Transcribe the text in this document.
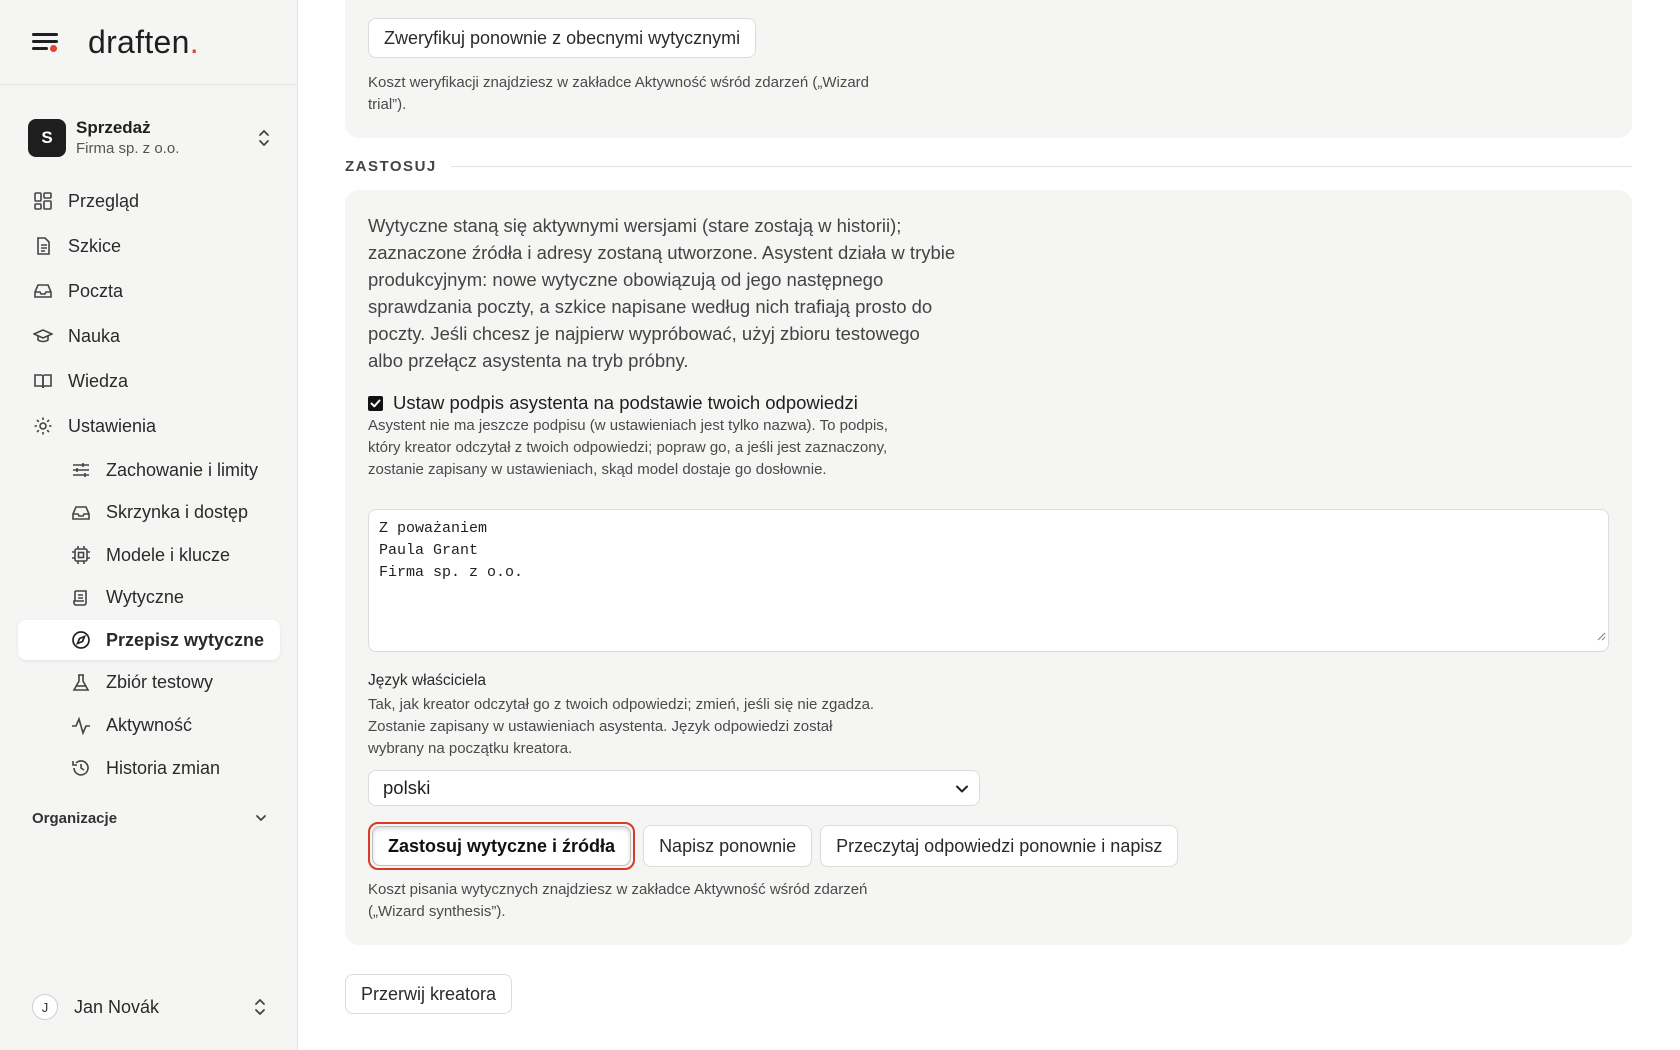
draften.
S
Sprzedaż
Firma sp. z o.o.
Przegląd
Szkice
Poczta
Nauka
Wiedza
Ustawienia
Zachowanie i limity
Skrzynka i dostęp
Modele i klucze
Wytyczne
Przepisz wytyczne
Zbiór testowy
Aktywność
Historia zmian
Organizacje
J	Jan Novák
Zweryfikuj ponownie z obecnymi wytycznymi

Koszt weryfikacji znajdziesz w zakładce Aktywność wśród zdarzeń („Wizard trial”).

ZASTOSUJ

Wytyczne staną się aktywnymi wersjami (stare zostają w historii); zaznaczone źródła i adresy zostaną utworzone. Asystent działa w trybie produkcyjnym: nowe wytyczne obowiązują od jego następnego sprawdzania poczty, a szkice napisane według nich trafiają prosto do poczty. Jeśli chcesz je najpierw wypróbować, użyj zbioru testowego albo przełącz asystenta na tryb próbny.

Ustaw podpis asystenta na podstawie twoich odpowiedzi

Asystent nie ma jeszcze podpisu (w ustawieniach jest tylko nazwa). To podpis, który kreator odczytał z twoich odpowiedzi; popraw go, a jeśli jest zaznaczony, zostanie zapisany w ustawieniach, skąd model dostaje go dosłownie.

Z poważaniem
Paula Grant
Firma sp. z o.o.
Język właściciela

Tak, jak kreator odczytał go z twoich odpowiedzi; zmień, jeśli się nie zgadza. Zostanie zapisany w ustawieniach asystenta. Język odpowiedzi został wybrany na początku kreatora.

polski
Zastosuj wytyczne i źródła	Napisz ponownie	Przeczytaj odpowiedzi ponownie i napisz

Koszt pisania wytycznych znajdziesz w zakładce Aktywność wśród zdarzeń („Wizard synthesis”).

Przerwij kreatora
